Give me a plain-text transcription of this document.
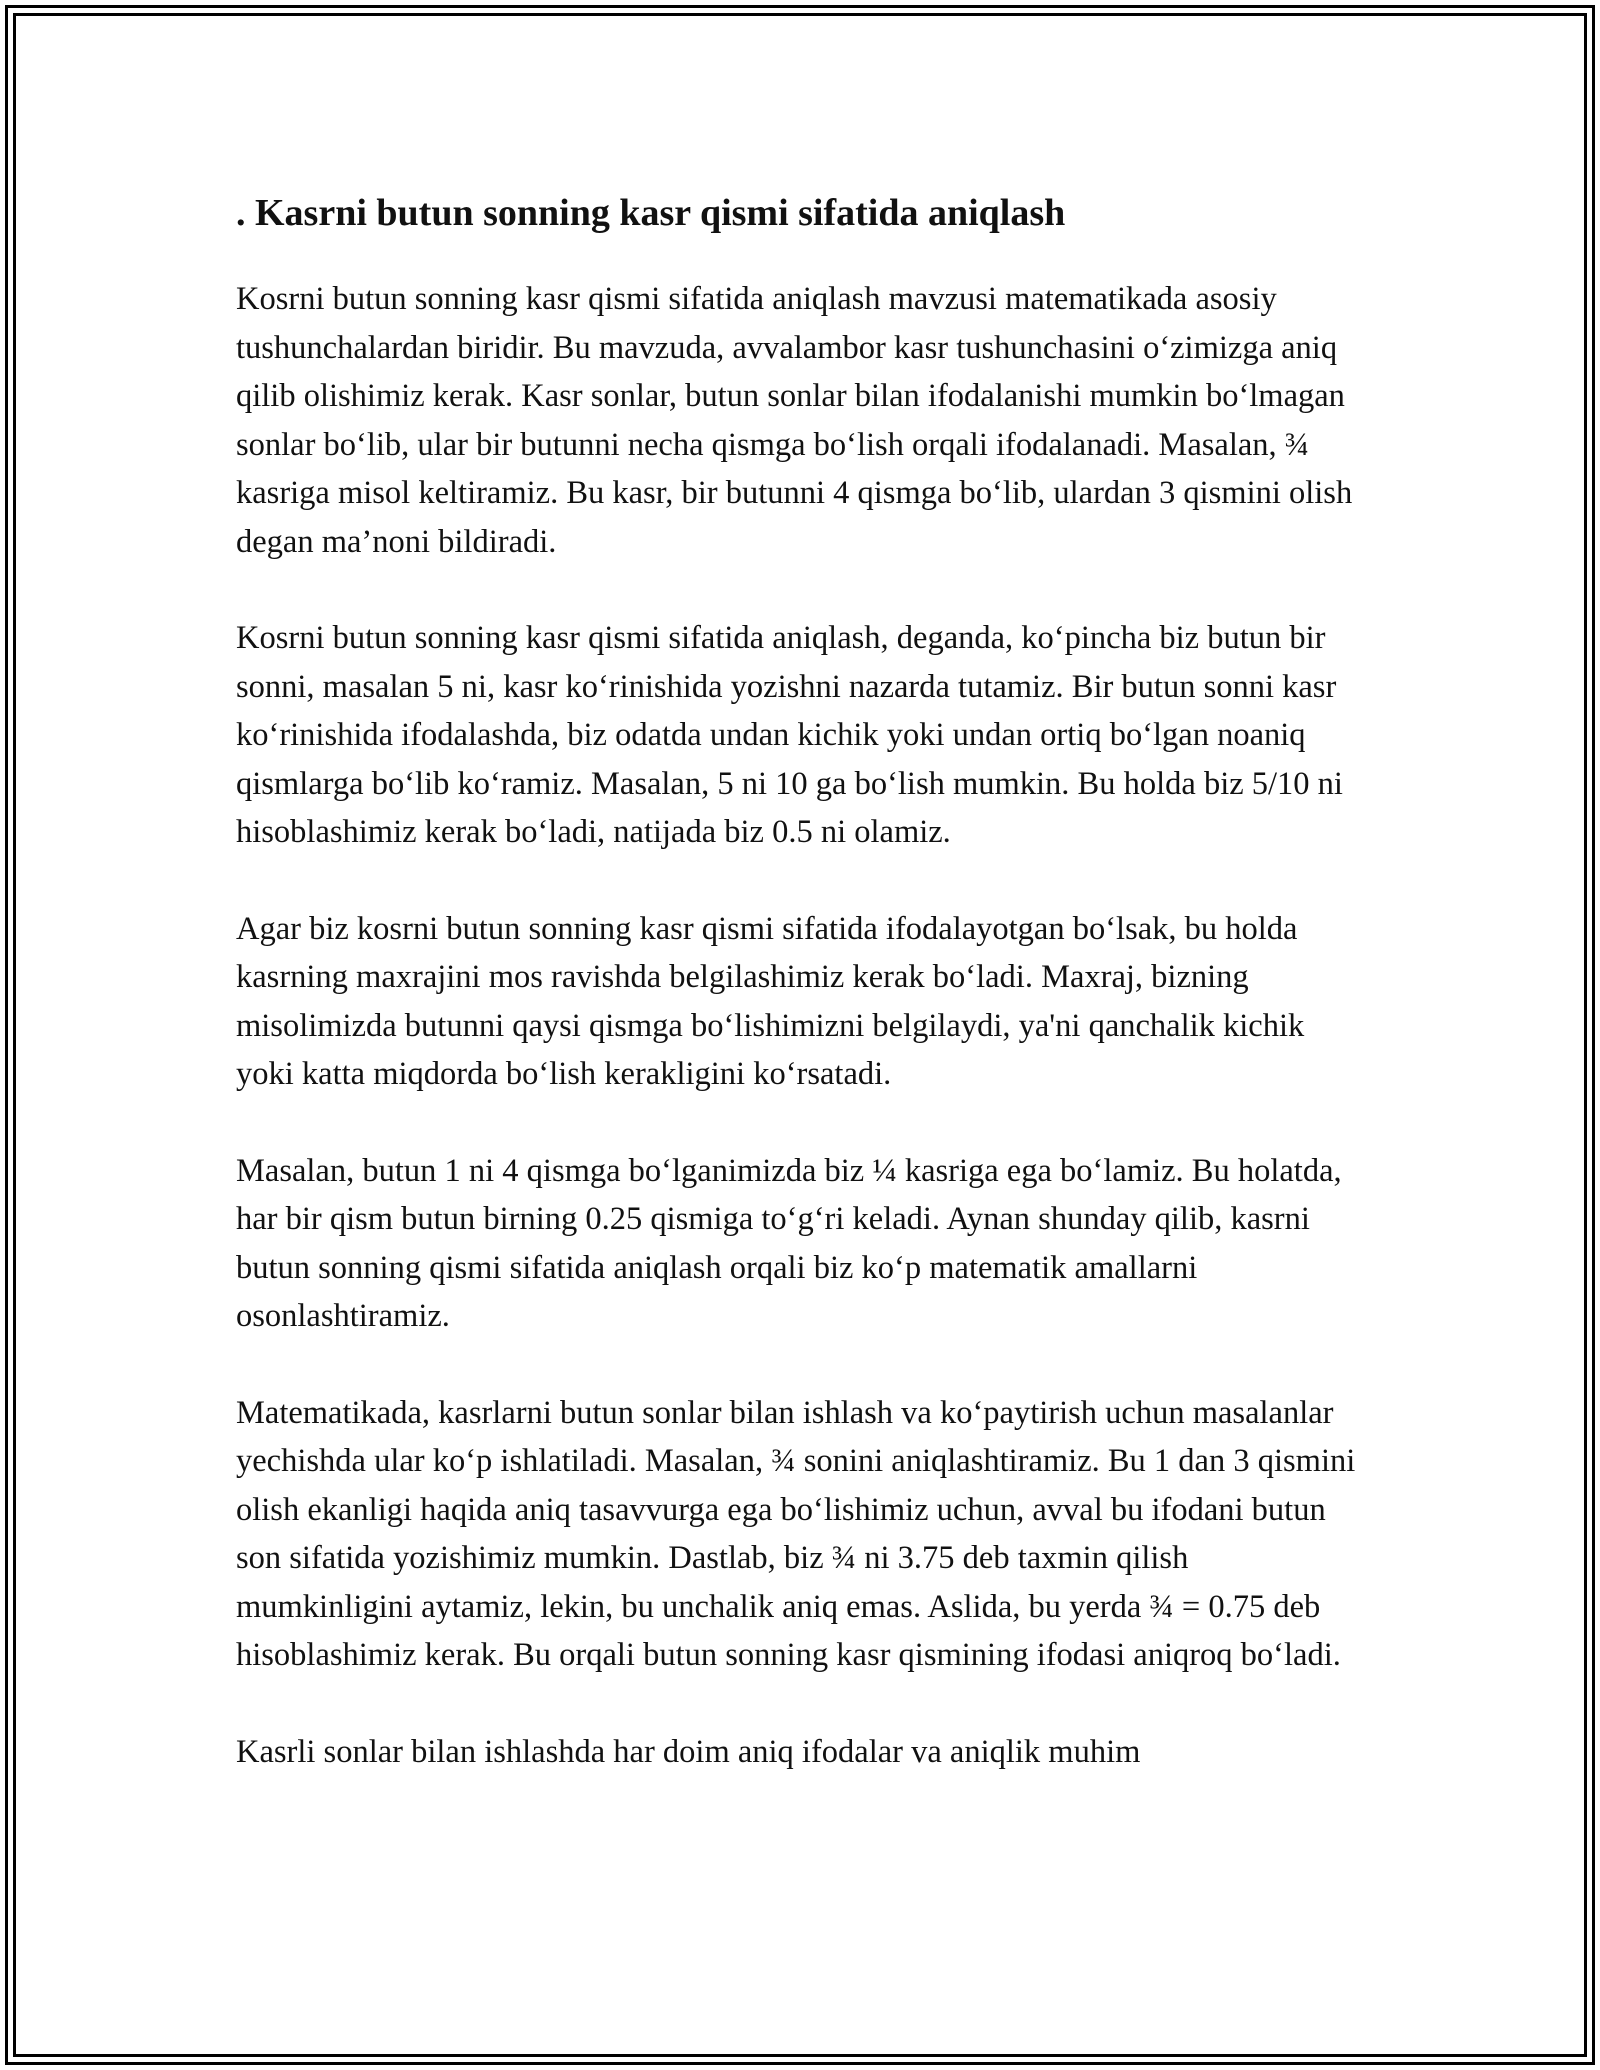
. Kasrni butun sonning kasr qismi sifatida aniqlash

Kosrni butun sonning kasr qismi sifatida aniqlash mavzusi matematikada asosiy tushunchalardan biridir. Bu mavzuda, avvalambor kasr tushunchasini o‘zimizga aniq qilib olishimiz kerak. Kasr sonlar, butun sonlar bilan ifodalanishi mumkin bo‘lmagan sonlar bo‘lib, ular bir butunni necha qismga bo‘lish orqali ifodalanadi. Masalan, ¾ kasriga misol keltiramiz. Bu kasr, bir butunni 4 qismga bo‘lib, ulardan 3 qismini olish degan ma’noni bildiradi.

Kosrni butun sonning kasr qismi sifatida aniqlash, deganda, ko‘pincha biz butun bir sonni, masalan 5 ni, kasr ko‘rinishida yozishni nazarda tutamiz. Bir butun sonni kasr ko‘rinishida ifodalashda, biz odatda undan kichik yoki undan ortiq bo‘lgan noaniq qismlarga bo‘lib ko‘ramiz. Masalan, 5 ni 10 ga bo‘lish mumkin. Bu holda biz 5/10 ni hisoblashimiz kerak bo‘ladi, natijada biz 0.5 ni olamiz.

Agar biz kosrni butun sonning kasr qismi sifatida ifodalayotgan bo‘lsak, bu holda kasrning maxrajini mos ravishda belgilashimiz kerak bo‘ladi. Maxraj, bizning misolimizda butunni qaysi qismga bo‘lishimizni belgilaydi, ya'ni qanchalik kichik yoki katta miqdorda bo‘lish kerakligini ko‘rsatadi.

Masalan, butun 1 ni 4 qismga bo‘lganimizda biz ¼ kasriga ega bo‘lamiz. Bu holatda, har bir qism butun birning 0.25 qismiga to‘g‘ri keladi. Aynan shunday qilib, kasrni butun sonning qismi sifatida aniqlash orqali biz ko‘p matematik amallarni osonlashtiramiz.

Matematikada, kasrlarni butun sonlar bilan ishlash va ko‘paytirish uchun masalanlar yechishda ular ko‘p ishlatiladi. Masalan, ¾ sonini aniqlashtiramiz. Bu 1 dan 3 qismini olish ekanligi haqida aniq tasavvurga ega bo‘lishimiz uchun, avval bu ifodani butun son sifatida yozishimiz mumkin. Dastlab, biz ¾ ni 3.75 deb taxmin qilish mumkinligini aytamiz, lekin, bu unchalik aniq emas. Aslida, bu yerda ¾ = 0.75 deb hisoblashimiz kerak. Bu orqali butun sonning kasr qismining ifodasi aniqroq bo‘ladi.

Kasrli sonlar bilan ishlashda har doim aniq ifodalar va aniqlik muhim
